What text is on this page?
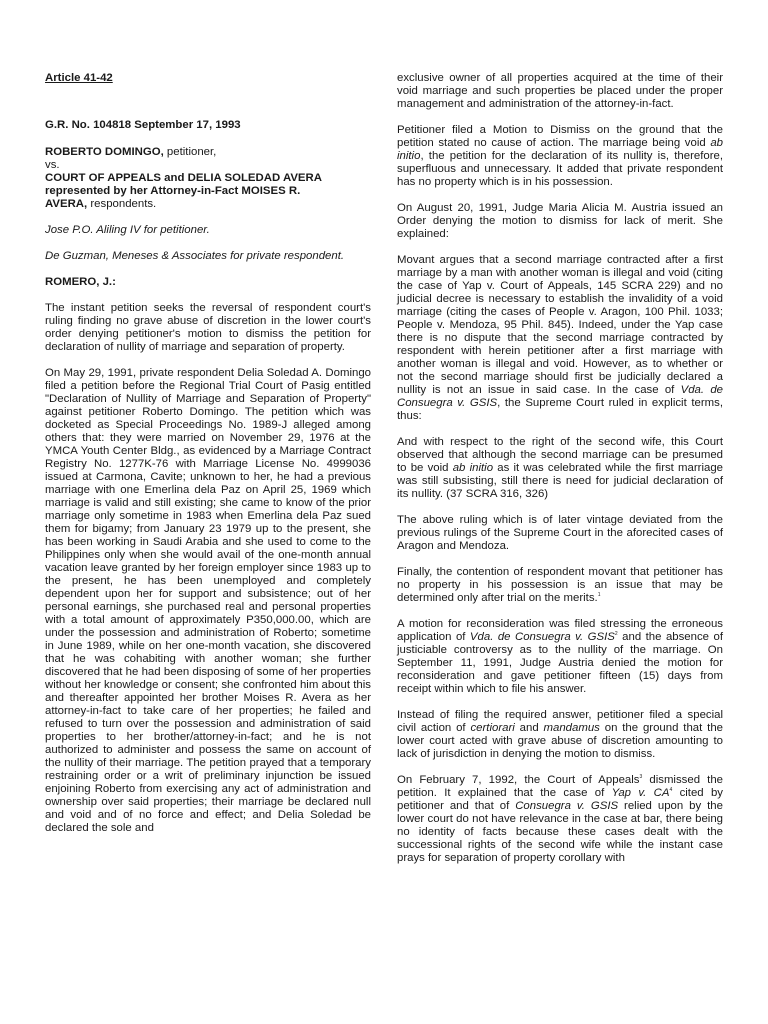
Article 41-42

G.R. No. 104818 September 17, 1993

ROBERTO DOMINGO, petitioner,
vs.
COURT OF APPEALS and DELIA SOLEDAD AVERA
represented by her Attorney-in-Fact MOISES R.
AVERA, respondents.

Jose P.O. Aliling IV for petitioner.

De Guzman, Meneses & Associates for private respondent.

ROMERO, J.:

The instant petition seeks the reversal of respondent court's ruling finding no grave abuse of discretion in the lower court's order denying petitioner's motion to dismiss the petition for declaration of nullity of marriage and separation of property.

On May 29, 1991, private respondent Delia Soledad A. Domingo filed a petition before the Regional Trial Court of Pasig entitled "Declaration of Nullity of Marriage and Separation of Property" against petitioner Roberto Domingo. The petition which was docketed as Special Proceedings No. 1989-J alleged among others that: they were married on November 29, 1976 at the YMCA Youth Center Bldg., as evidenced by a Marriage Contract Registry No. 1277K-76 with Marriage License No. 4999036 issued at Carmona, Cavite; unknown to her, he had a previous marriage with one Emerlina dela Paz on April 25, 1969 which marriage is valid and still existing; she came to know of the prior marriage only sometime in 1983 when Emerlina dela Paz sued them for bigamy; from January 23 1979 up to the present, she has been working in Saudi Arabia and she used to come to the Philippines only when she would avail of the one-month annual vacation leave granted by her foreign employer since 1983 up to the present, he has been unemployed and completely dependent upon her for support and subsistence; out of her personal earnings, she purchased real and personal properties with a total amount of approximately P350,000.00, which are under the possession and administration of Roberto; sometime in June 1989, while on her one-month vacation, she discovered that he was cohabiting with another woman; she further discovered that he had been disposing of some of her properties without her knowledge or consent; she confronted him about this and thereafter appointed her brother Moises R. Avera as her attorney-in-fact to take care of her properties; he failed and refused to turn over the possession and administration of said properties to her brother/attorney-in-fact; and he is not authorized to administer and possess the same on account of the nullity of their marriage. The petition prayed that a temporary restraining order or a writ of preliminary injunction be issued enjoining Roberto from exercising any act of administration and ownership over said properties; their marriage be declared null and void and of no force and effect; and Delia Soledad be declared the sole and

exclusive owner of all properties acquired at the time of their void marriage and such properties be placed under the proper management and administration of the attorney-in-fact.

Petitioner filed a Motion to Dismiss on the ground that the petition stated no cause of action. The marriage being void ab initio, the petition for the declaration of its nullity is, therefore, superfluous and unnecessary. It added that private respondent has no property which is in his possession.

On August 20, 1991, Judge Maria Alicia M. Austria issued an Order denying the motion to dismiss for lack of merit. She explained:

Movant argues that a second marriage contracted after a first marriage by a man with another woman is illegal and void (citing the case of Yap v. Court of Appeals, 145 SCRA 229) and no judicial decree is necessary to establish the invalidity of a void marriage (citing the cases of People v. Aragon, 100 Phil. 1033; People v. Mendoza, 95 Phil. 845). Indeed, under the Yap case there is no dispute that the second marriage contracted by respondent with herein petitioner after a first marriage with another woman is illegal and void. However, as to whether or not the second marriage should first be judicially declared a nullity is not an issue in said case. In the case of Vda. de Consuegra v. GSIS, the Supreme Court ruled in explicit terms, thus:

And with respect to the right of the second wife, this Court observed that although the second marriage can be presumed to be void ab initio as it was celebrated while the first marriage was still subsisting, still there is need for judicial declaration of its nullity. (37 SCRA 316, 326)

The above ruling which is of later vintage deviated from the previous rulings of the Supreme Court in the aforecited cases of Aragon and Mendoza.

Finally, the contention of respondent movant that petitioner has no property in his possession is an issue that may be determined only after trial on the merits.$^1$

A motion for reconsideration was filed stressing the erroneous application of Vda. de Consuegra v. GSIS$^2$ and the absence of justiciable controversy as to the nullity of the marriage. On September 11, 1991, Judge Austria denied the motion for reconsideration and gave petitioner fifteen (15) days from receipt within which to file his answer.

Instead of filing the required answer, petitioner filed a special civil action of certiorari and mandamus on the ground that the lower court acted with grave abuse of discretion amounting to lack of jurisdiction in denying the motion to dismiss.

On February 7, 1992, the Court of Appeals$^3$ dismissed the petition. It explained that the case of Yap v. $CA^4$ cited by petitioner and that of Consuegra v. GSIS relied upon by the lower court do not have relevance in the case at bar, there being no identity of facts because these cases dealt with the successional rights of the second wife while the instant case prays for separation of property corollary with
